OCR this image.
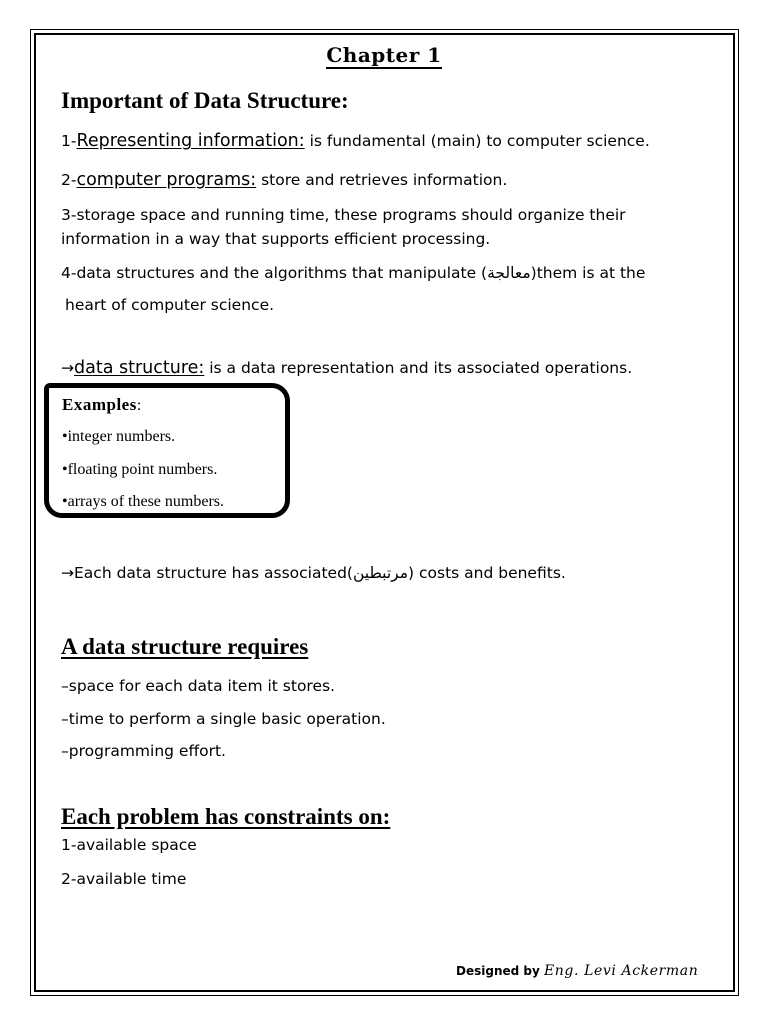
Chapter 1
Important of Data Structure:
1-Representing information: is fundamental (main) to computer science.
2-computer programs: store and retrieves information.
3-storage space and running time, these programs should organize their
information in a way that supports efficient processing.
4-data structures and the algorithms that manipulate (معالجة)them is at the
heart of computer science.
→data structure: is a data representation and its associated operations.
Examples:
•integer numbers.
•floating point numbers.
•arrays of these numbers.
→Each data structure has associated(مرتبطين) costs and benefits.
A data structure requires
–space for each data item it stores.
–time to perform a single basic operation.
–programming effort.
Each problem has constraints on:
1-available space
2-available time
Designed by Eng. Levi Ackerman
